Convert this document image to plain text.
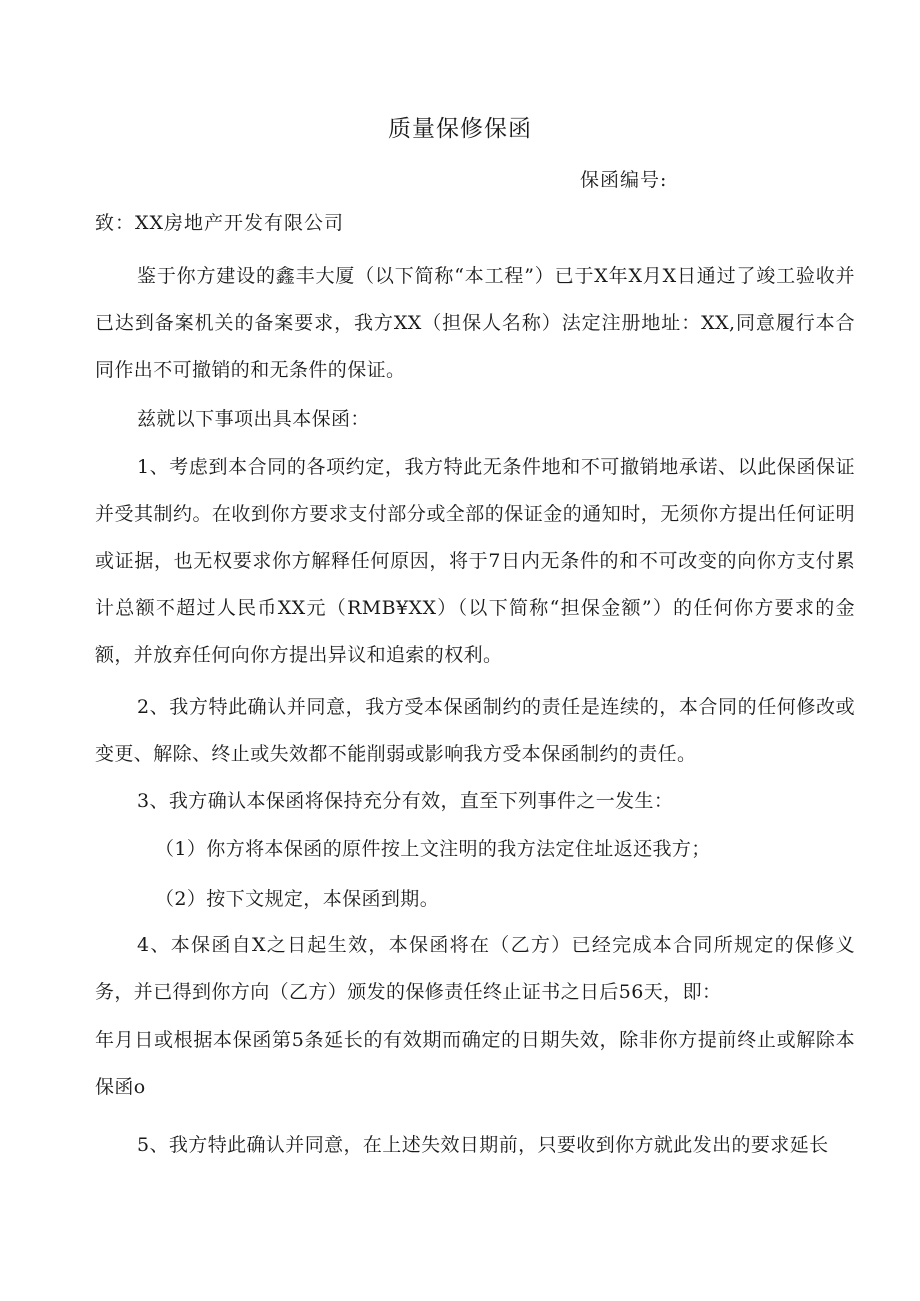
质量保修保函
保函编号:
致：XX房地产开发有限公司

鉴于你方建设的鑫丰大厦（以下简称“本工程”）已于X年X月X日通过了竣工验收并已达到备案机关的备案要求，我方XX（担保人名称）法定注册地址：XX,同意履行本合同作出不可撤销的和无条件的保证。

兹就以下事项出具本保函：

1、考虑到本合同的各项约定，我方特此无条件地和不可撤销地承诺、以此保函保证并受其制约。在收到你方要求支付部分或全部的保证金的通知时，无须你方提出任何证明或证据，也无权要求你方解释任何原因，将于7日内无条件的和不可改变的向你方支付累计总额不超过人民币XX元（RMB¥XX）（以下简称“担保金额”）的任何你方要求的金额，并放弃任何向你方提出异议和追索的权利。

2、我方特此确认并同意，我方受本保函制约的责任是连续的，本合同的任何修改或变更、解除、终止或失效都不能削弱或影响我方受本保函制约的责任。

3、我方确认本保函将保持充分有效，直至下列事件之一发生：

（1）你方将本保函的原件按上文注明的我方法定住址返还我方；

（2）按下文规定，本保函到期。

4、本保函自X之日起生效，本保函将在（乙方）已经完成本合同所规定的保修义务，并已得到你方向（乙方）颁发的保修责任终止证书之日后56天，即：

年月日或根据本保函第5条延长的有效期而确定的日期失效，除非你方提前终止或解除本保函o

5、我方特此确认并同意，在上述失效日期前，只要收到你方就此发出的要求延长
